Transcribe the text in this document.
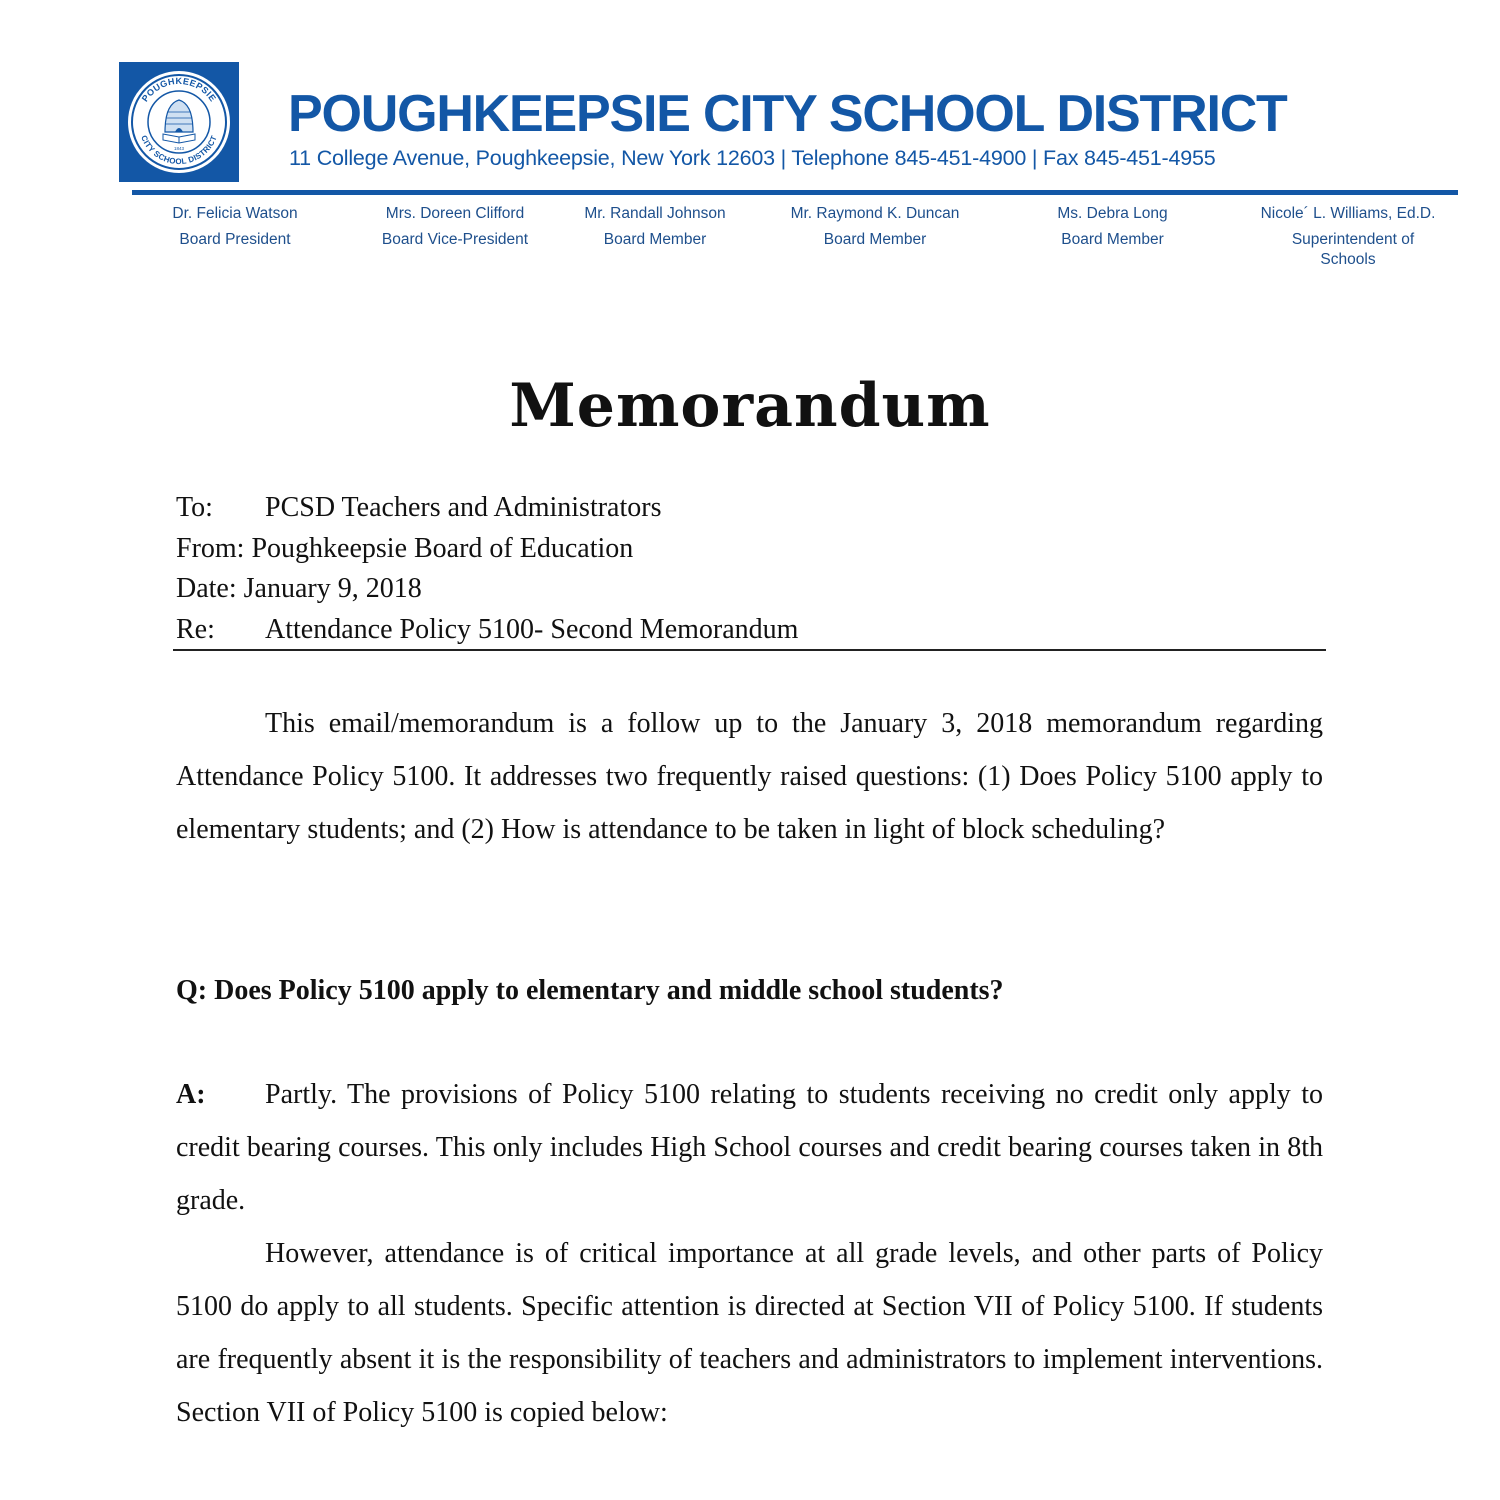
POUGHKEEPSIE
CITY SCHOOL DISTRICT
1843
POUGHKEEPSIE CITY SCHOOL DISTRICT
11 College Avenue, Poughkeepsie, New York 12603 | Telephone 845-451-4900 | Fax 845-451-4955
Dr. Felicia Watson
Board President
Mrs. Doreen Clifford
Board Vice-President
Mr. Randall Johnson
Board Member
Mr. Raymond K. Duncan
Board Member
Ms. Debra Long
Board Member
Nicole´ L. Williams, Ed.D.
Superintendent of
Schools
Memorandum
To: PCSD Teachers and Administrators
From: Poughkeepsie Board of Education
Date: January 9, 2018
Re: Attendance Policy 5100- Second Memorandum
This email/memorandum is a follow up to the January 3, 2018 memorandum regarding Attendance Policy 5100. It addresses two frequently raised questions: (1) Does Policy 5100 apply to elementary students; and (2) How is attendance to be taken in light of block scheduling?
Q: Does Policy 5100 apply to elementary and middle school students?
A: Partly. The provisions of Policy 5100 relating to students receiving no credit only apply to credit bearing courses. This only includes High School courses and credit bearing courses taken in 8th grade.
However, attendance is of critical importance at all grade levels, and other parts of Policy 5100 do apply to all students. Specific attention is directed at Section VII of Policy 5100. If students are frequently absent it is the responsibility of teachers and administrators to implement interventions. Section VII of Policy 5100 is copied below:
